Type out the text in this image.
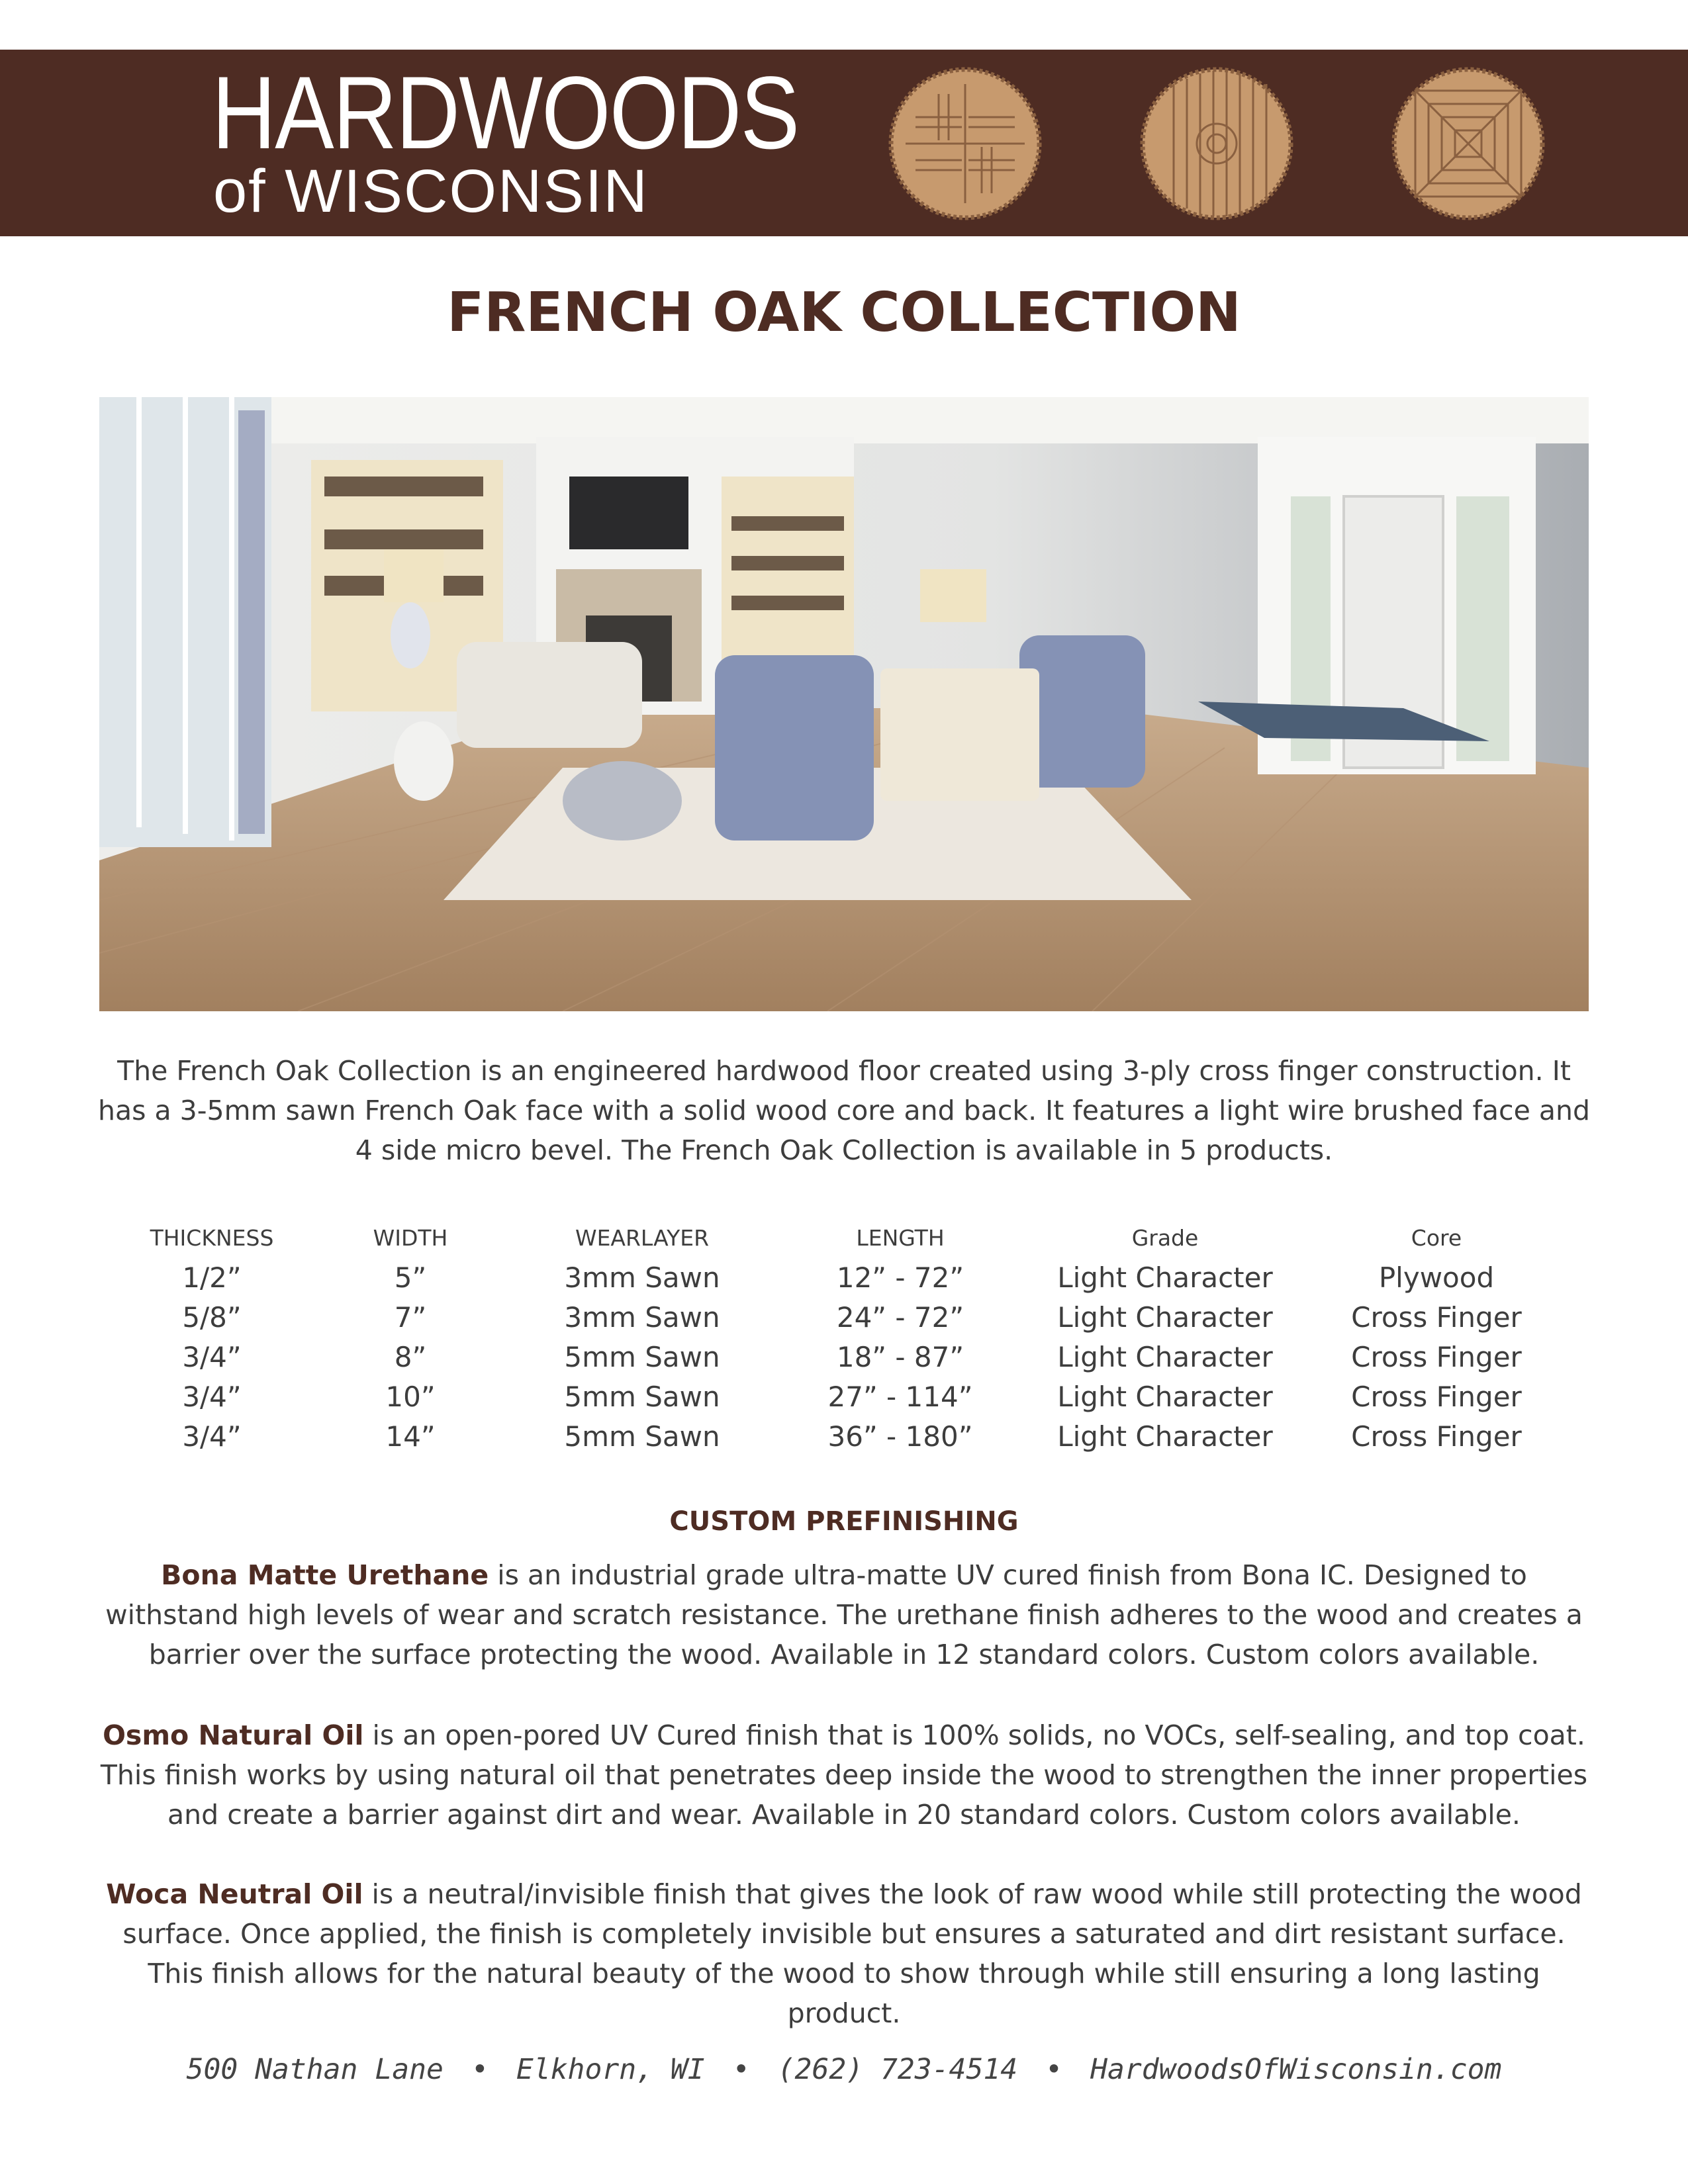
HARDWOODS
of WISCONSIN
FRENCH OAK COLLECTION
The French Oak Collection is an engineered hardwood floor created using 3-ply cross finger construction. It has a 3-5mm sawn French Oak face with a solid wood core and back. It features a light wire brushed face and 4 side micro bevel. The French Oak Collection is available in 5 products.
THICKNESS	WIDTH	WEARLAYER	LENGTH	Grade	Core
1/2”	5”	3mm Sawn	12” - 72”	Light Character	Plywood
5/8”	7”	3mm Sawn	24” - 72”	Light Character	Cross Finger
3/4”	8”	5mm Sawn	18” - 87”	Light Character	Cross Finger
3/4”	10”	5mm Sawn	27” - 114”	Light Character	Cross Finger
3/4”	14”	5mm Sawn	36” - 180”	Light Character	Cross Finger
CUSTOM PREFINISHING
Bona Matte Urethane is an industrial grade ultra-matte UV cured finish from Bona IC. Designed to withstand high levels of wear and scratch resistance. The urethane finish adheres to the wood and creates a barrier over the surface protecting the wood. Available in 12 standard colors. Custom colors available.
Osmo Natural Oil is an open-pored UV Cured finish that is 100% solids, no VOCs, self-sealing, and top coat. This finish works by using natural oil that penetrates deep inside the wood to strengthen the inner properties and create a barrier against dirt and wear. Available in 20 standard colors. Custom colors available.
Woca Neutral Oil is a neutral/invisible finish that gives the look of raw wood while still protecting the wood surface. Once applied, the finish is completely invisible but ensures a saturated and dirt resistant surface. This finish allows for the natural beauty of the wood to show through while still ensuring a long lasting product.
500 Nathan Lane • Elkhorn, WI • (262) 723-4514 • HardwoodsOfWisconsin.com
